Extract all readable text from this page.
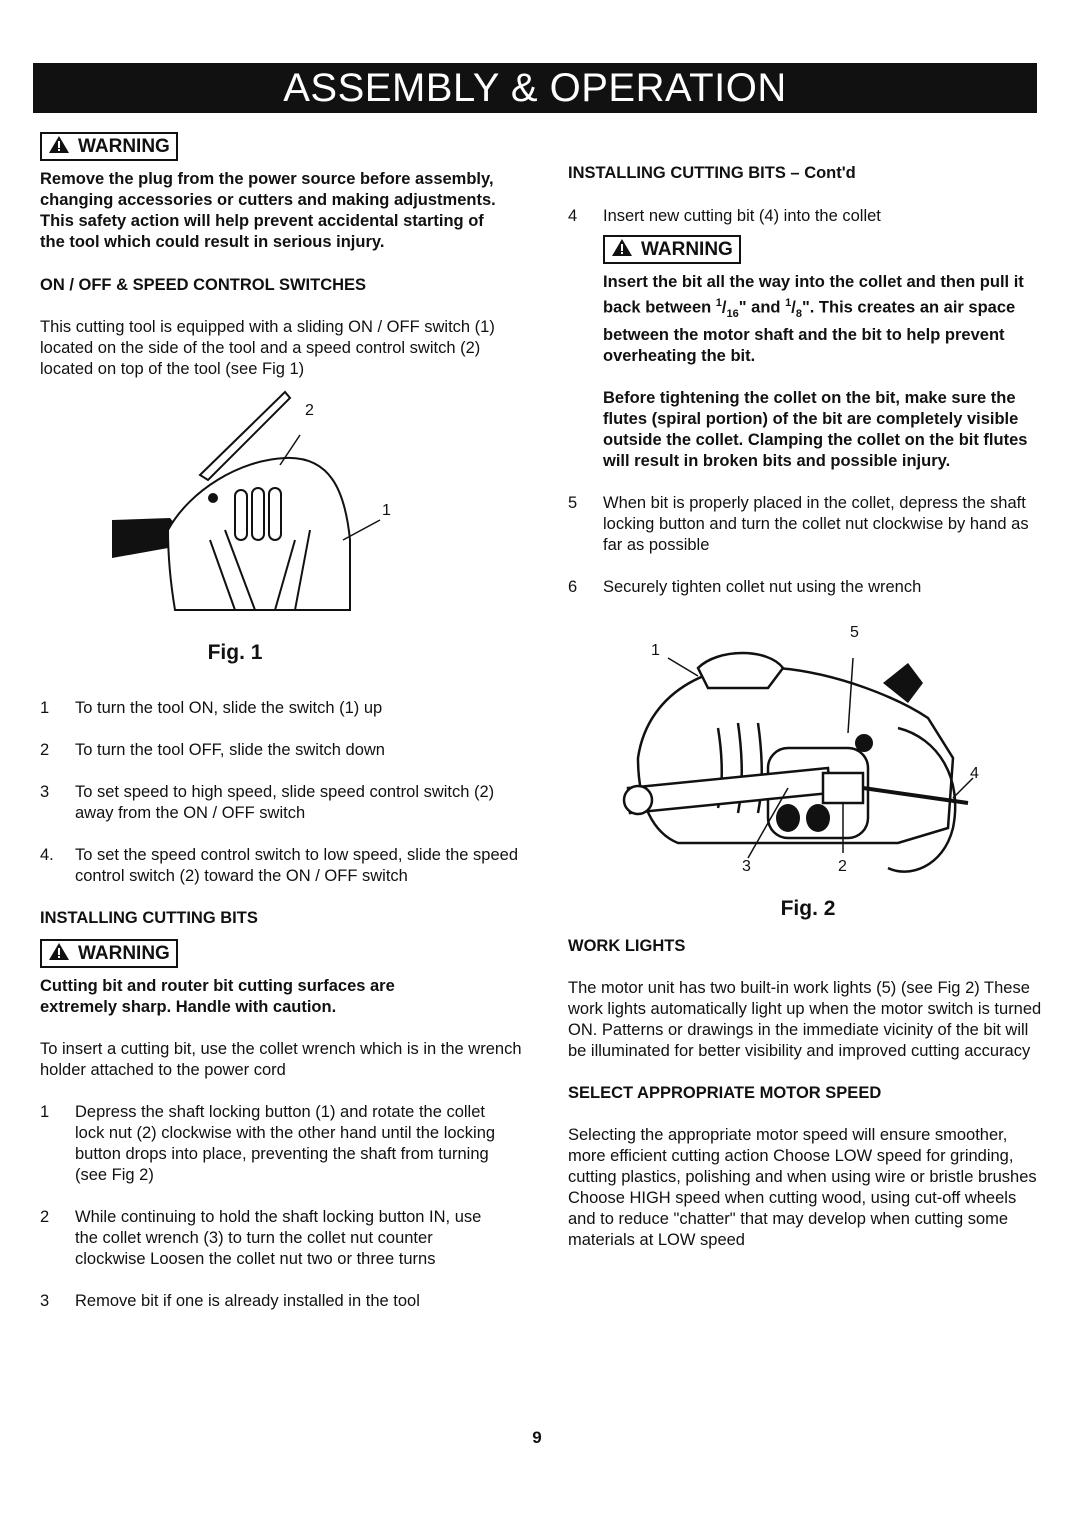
ASSEMBLY & OPERATION
WARNING

Remove the plug from the power source before assembly, changing accessories or cutters and making adjustments. This safety action will help prevent accidental starting of the tool which could result in serious injury.

ON / OFF & SPEED CONTROL SWITCHES

This cutting tool is equipped with a sliding ON / OFF switch (1) located on the side of the tool and a speed control switch (2) located on top of the tool (see Fig 1)

2
1
Fig. 1
1	To turn the tool ON, slide the switch (1) up
2	To turn the tool OFF, slide the switch down
3	To set speed to high speed, slide speed control switch (2) away from the ON / OFF switch
4.	To set the speed control switch to low speed, slide the speed control switch (2) toward the ON / OFF switch

INSTALLING CUTTING BITS

WARNING

Cutting bit and router bit cutting surfaces are extremely sharp. Handle with caution.

To insert a cutting bit, use the collet wrench which is in the wrench holder attached to the power cord

1	Depress the shaft locking button (1) and rotate the collet lock nut (2) clockwise with the other hand until the locking button drops into place, preventing the shaft from turning (see Fig 2)
2	While continuing to hold the shaft locking button IN, use the collet wrench (3) to turn the collet nut counter clockwise Loosen the collet nut two or three turns
3	Remove bit if one is already installed in the tool

INSTALLING CUTTING BITS – Cont'd

4	Insert new cutting bit (4) into the collet
WARNING

Insert the bit all the way into the collet and then pull it back between $^1/_{16}$" and $^1/_8$". This creates an air space between the motor shaft and the bit to help prevent overheating the bit.

Before tightening the collet on the bit, make sure the flutes (spiral portion) of the bit are completely visible outside the collet. Clamping the collet on the bit flutes will result in broken bits and possible injury.

5	When bit is properly placed in the collet, depress the shaft locking button and turn the collet nut clockwise by hand as far as possible
6	Securely tighten collet nut using the wrench
1
5
4
3	2
Fig. 2

WORK LIGHTS

The motor unit has two built-in work lights (5) (see Fig 2) These work lights automatically light up when the motor switch is turned ON. Patterns or drawings in the immediate vicinity of the bit will be illuminated for better visibility and improved cutting accuracy

SELECT APPROPRIATE MOTOR SPEED

Selecting the appropriate motor speed will ensure smoother, more efficient cutting action Choose LOW speed for grinding, cutting plastics, polishing and when using wire or bristle brushes Choose HIGH speed when cutting wood, using cut-off wheels and to reduce "chatter" that may develop when cutting some materials at LOW speed

9
